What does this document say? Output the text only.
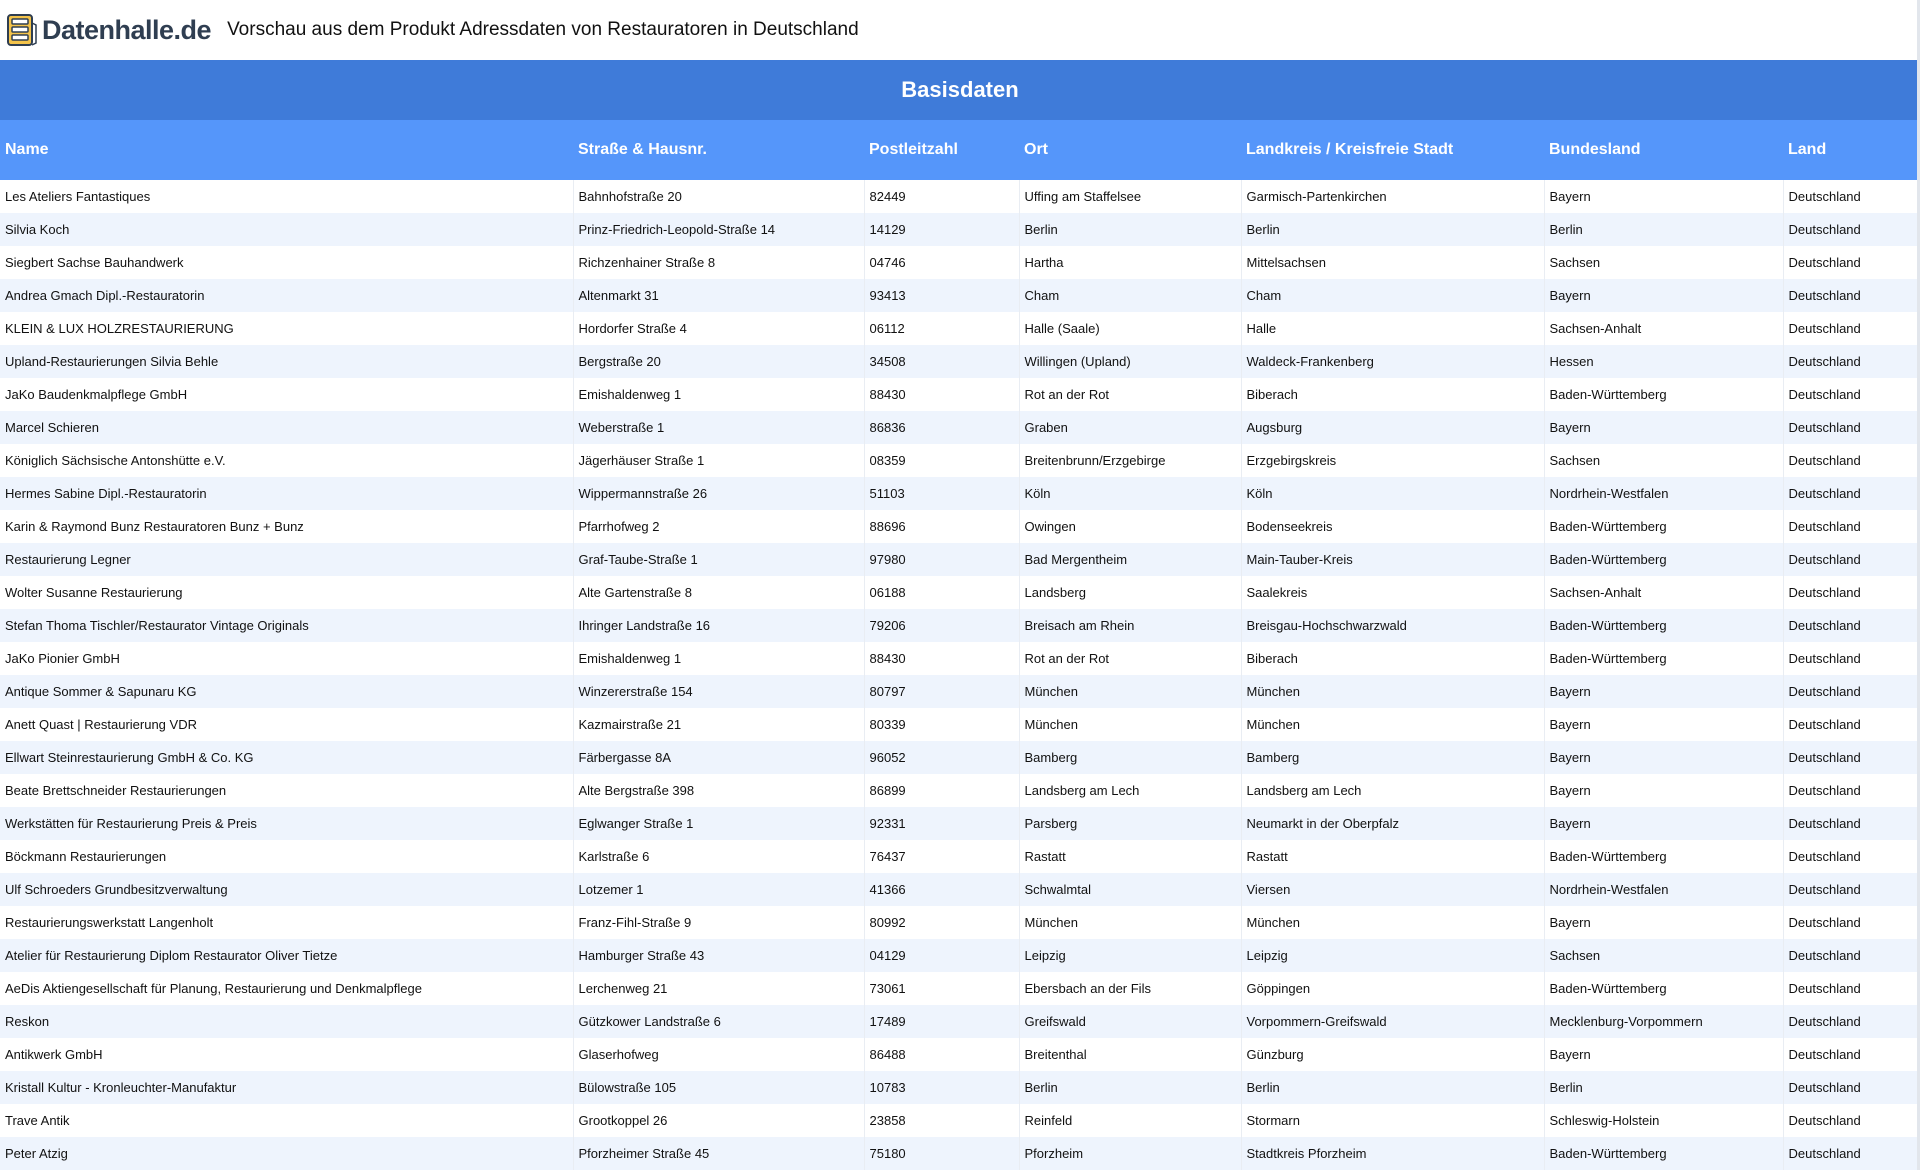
Datenhalle.de Vorschau aus dem Produkt Adressdaten von Restauratoren in Deutschland
Basisdaten
Name	Straße & Hausnr.	Postleitzahl	Ort	Landkreis / Kreisfreie Stadt	Bundesland	Land
Les Ateliers Fantastiques	Bahnhofstraße 20	82449	Uffing am Staffelsee	Garmisch-Partenkirchen	Bayern	Deutschland
Silvia Koch	Prinz-Friedrich-Leopold-Straße 14	14129	Berlin	Berlin	Berlin	Deutschland
Siegbert Sachse Bauhandwerk	Richzenhainer Straße 8	04746	Hartha	Mittelsachsen	Sachsen	Deutschland
Andrea Gmach Dipl.-Restauratorin	Altenmarkt 31	93413	Cham	Cham	Bayern	Deutschland
KLEIN & LUX HOLZRESTAURIERUNG	Hordorfer Straße 4	06112	Halle (Saale)	Halle	Sachsen-Anhalt	Deutschland
Upland-Restaurierungen Silvia Behle	Bergstraße 20	34508	Willingen (Upland)	Waldeck-Frankenberg	Hessen	Deutschland
JaKo Baudenkmalpflege GmbH	Emishaldenweg 1	88430	Rot an der Rot	Biberach	Baden-Württemberg	Deutschland
Marcel Schieren	Weberstraße 1	86836	Graben	Augsburg	Bayern	Deutschland
Königlich Sächsische Antonshütte e.V.	Jägerhäuser Straße 1	08359	Breitenbrunn/Erzgebirge	Erzgebirgskreis	Sachsen	Deutschland
Hermes Sabine Dipl.-Restauratorin	Wippermannstraße 26	51103	Köln	Köln	Nordrhein-Westfalen	Deutschland
Karin & Raymond Bunz Restauratoren Bunz + Bunz	Pfarrhofweg 2	88696	Owingen	Bodenseekreis	Baden-Württemberg	Deutschland
Restaurierung Legner	Graf-Taube-Straße 1	97980	Bad Mergentheim	Main-Tauber-Kreis	Baden-Württemberg	Deutschland
Wolter Susanne Restaurierung	Alte Gartenstraße 8	06188	Landsberg	Saalekreis	Sachsen-Anhalt	Deutschland
Stefan Thoma Tischler/Restaurator Vintage Originals	Ihringer Landstraße 16	79206	Breisach am Rhein	Breisgau-Hochschwarzwald	Baden-Württemberg	Deutschland
JaKo Pionier GmbH	Emishaldenweg 1	88430	Rot an der Rot	Biberach	Baden-Württemberg	Deutschland
Antique Sommer & Sapunaru KG	Winzererstraße 154	80797	München	München	Bayern	Deutschland
Anett Quast | Restaurierung VDR	Kazmairstraße 21	80339	München	München	Bayern	Deutschland
Ellwart Steinrestaurierung GmbH & Co. KG	Färbergasse 8A	96052	Bamberg	Bamberg	Bayern	Deutschland
Beate Brettschneider Restaurierungen	Alte Bergstraße 398	86899	Landsberg am Lech	Landsberg am Lech	Bayern	Deutschland
Werkstätten für Restaurierung Preis & Preis	Eglwanger Straße 1	92331	Parsberg	Neumarkt in der Oberpfalz	Bayern	Deutschland
Böckmann Restaurierungen	Karlstraße 6	76437	Rastatt	Rastatt	Baden-Württemberg	Deutschland
Ulf Schroeders Grundbesitzverwaltung	Lotzemer 1	41366	Schwalmtal	Viersen	Nordrhein-Westfalen	Deutschland
Restaurierungswerkstatt Langenholt	Franz-Fihl-Straße 9	80992	München	München	Bayern	Deutschland
Atelier für Restaurierung Diplom Restaurator Oliver Tietze	Hamburger Straße 43	04129	Leipzig	Leipzig	Sachsen	Deutschland
AeDis Aktiengesellschaft für Planung, Restaurierung und Denkmalpflege	Lerchenweg 21	73061	Ebersbach an der Fils	Göppingen	Baden-Württemberg	Deutschland
Reskon	Gützkower Landstraße 6	17489	Greifswald	Vorpommern-Greifswald	Mecklenburg-Vorpommern	Deutschland
Antikwerk GmbH	Glaserhofweg	86488	Breitenthal	Günzburg	Bayern	Deutschland
Kristall Kultur - Kronleuchter-Manufaktur	Bülowstraße 105	10783	Berlin	Berlin	Berlin	Deutschland
Trave Antik	Grootkoppel 26	23858	Reinfeld	Stormarn	Schleswig-Holstein	Deutschland
Peter Atzig	Pforzheimer Straße 45	75180	Pforzheim	Stadtkreis Pforzheim	Baden-Württemberg	Deutschland
